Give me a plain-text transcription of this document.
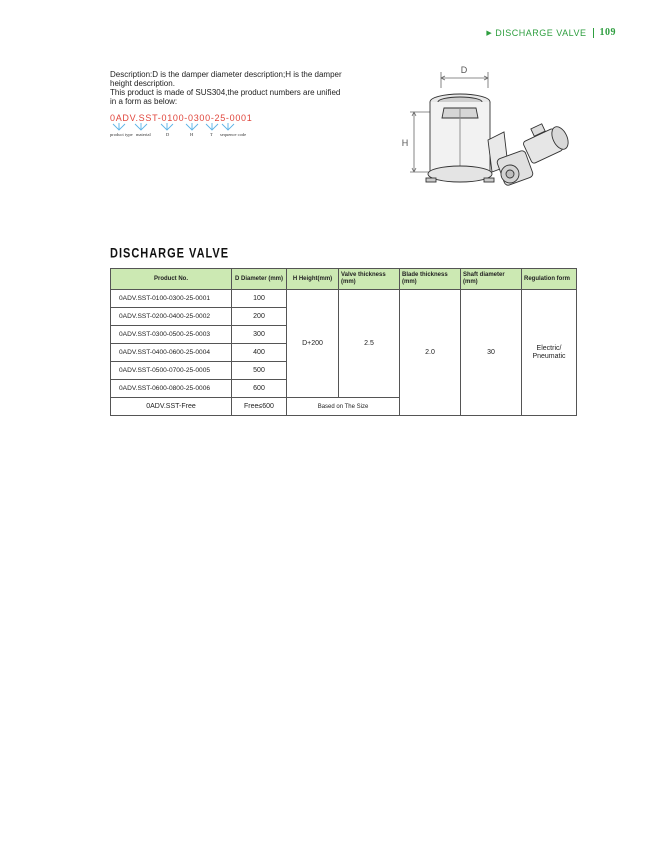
▶ DISCHARGE VALVE 109
Description:D is the damper diameter description;H is the damper height description.
This product is made of SUS304,the product numbers are unified in a form as below:
0ADV.SST-0100-0300-25-0001
product type material	D	H	T sequence code
D
H
DISCHARGE VALVE
Product No.	D Diameter (mm)	H Height(mm)	Valve thickness (mm)	Blade thickness (mm)	Shaft diameter (mm)	Regulation form
0ADV.SST-0100-0300-25-0001	100	D+200	2.5	2.0	30	Electric/
Pneumatic

0ADV.SST-0200-0400-25-0002	200					
0ADV.SST-0300-0500-25-0003	300					
0ADV.SST-0400-0600-25-0004	400					
0ADV.SST-0500-0700-25-0005	500					
0ADV.SST-0600-0800-25-0006	600					
0ADV.SST-Free	Free≤600	Based on The Size				
